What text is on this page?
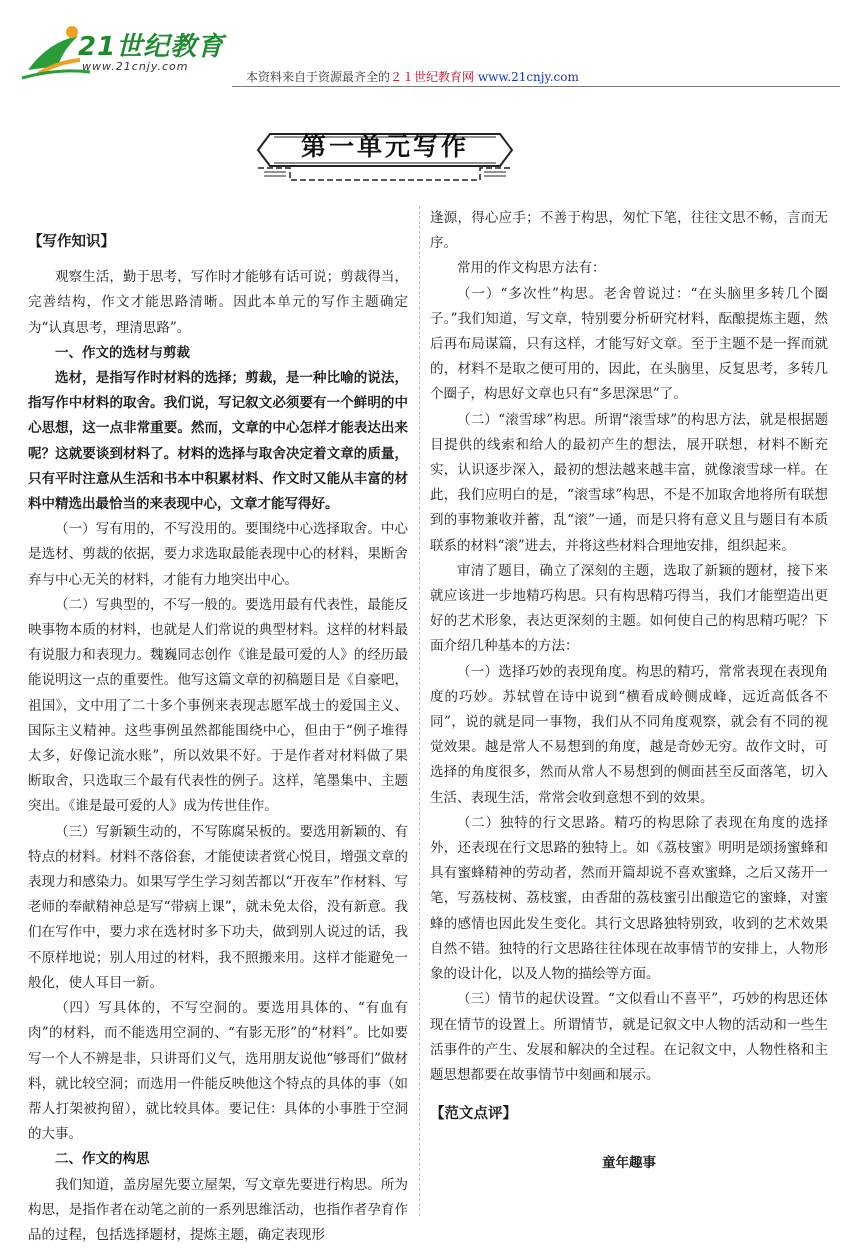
21世纪教育
www.21cnjy.com
本资料来自于资源最齐全的２１世纪教育网 www.21cnjy.com
第一单元写作

【写作知识】

观察生活，勤于思考，写作时才能够有话可说；剪裁得当，完善结构，作文才能思路清晰。因此本单元的写作主题确定为“认真思考，理清思路”。

一、作文的选材与剪裁

选材，是指写作时材料的选择；剪裁，是一种比喻的说法，指写作中材料的取舍。我们说，写记叙文必须要有一个鲜明的中心思想，这一点非常重要。然而，文章的中心怎样才能表达出来呢？这就要谈到材料了。材料的选择与取舍决定着文章的质量，只有平时注意从生活和书本中积累材料、作文时又能从丰富的材料中精选出最恰当的来表现中心，文章才能写得好。

（一）写有用的，不写没用的。要围绕中心选择取舍。中心是选材、剪裁的依据，要力求选取最能表现中心的材料，果断舍弃与中心无关的材料，才能有力地突出中心。

（二）写典型的，不写一般的。要选用最有代表性，最能反映事物本质的材料，也就是人们常说的典型材料。这样的材料最有说服力和表现力。魏巍同志创作《谁是最可爱的人》的经历最能说明这一点的重要性。他写这篇文章的初稿题目是《自豪吧，祖国》，文中用了二十多个事例来表现志愿军战士的爱国主义、国际主义精神。这些事例虽然都能围绕中心，但由于“例子堆得太多，好像记流水账”，所以效果不好。于是作者对材料做了果断取舍，只选取三个最有代表性的例子。这样，笔墨集中、主题突出。《谁是最可爱的人》成为传世佳作。

（三）写新颖生动的，不写陈腐呆板的。要选用新颖的、有特点的材料。材料不落俗套，才能使读者赏心悦目，增强文章的表现力和感染力。如果写学生学习刻苦都以“开夜车”作材料、写老师的奉献精神总是写“带病上课”，就未免太俗，没有新意。我们在写作中，要力求在选材时多下功夫，做到别人说过的话，我不原样地说；别人用过的材料，我不照搬来用。这样才能避免一般化，使人耳目一新。

（四）写具体的，不写空洞的。要选用具体的、“有血有肉”的材料，而不能选用空洞的、“有影无形”的“材料”。比如要写一个人不辨是非，只讲哥们义气，选用朋友说他“够哥们”做材料，就比较空洞；而选用一件能反映他这个特点的具体的事（如帮人打架被拘留），就比较具体。要记住：具体的小事胜于空洞的大事。

二、作文的构思

我们知道，盖房屋先要立屋架，写文章先要进行构思。所为构思，是指作者在动笔之前的一系列思维活动，也指作者孕育作品的过程，包括选择题材，提炼主题，确定表现形

逢源，得心应手；不善于构思，匆忙下笔，往往文思不畅，言而无序。

常用的作文构思方法有：

（一）“多次性”构思。老舍曾说过：“在头脑里多转几个圈子。”我们知道，写文章，特别要分析研究材料，酝酿提炼主题，然后再布局谋篇，只有这样，才能写好文章。至于主题不是一挥而就的，材料不是取之便可用的，因此，在头脑里，反复思考，多转几个圈子，构思好文章也只有“多思深思”了。

（二）“滚雪球”构思。所谓“滚雪球”的构思方法，就是根据题目提供的线索和给人的最初产生的想法，展开联想，材料不断充实，认识逐步深入，最初的想法越来越丰富，就像滚雪球一样。在此，我们应明白的是，“滚雪球”构思，不是不加取舍地将所有联想到的事物兼收并蓄，乱“滚”一通，而是只将有意义且与题目有本质联系的材料“滚”进去，并将这些材料合理地安排，组织起来。

审清了题目，确立了深刻的主题，选取了新颖的题材，接下来就应该进一步地精巧构思。只有构思精巧得当，我们才能塑造出更好的艺术形象，表达更深刻的主题。如何使自己的构思精巧呢？下面介绍几种基本的方法：

（一）选择巧妙的表现角度。构思的精巧，常常表现在表现角度的巧妙。苏轼曾在诗中说到“横看成岭侧成峰，远近高低各不同”，说的就是同一事物，我们从不同角度观察，就会有不同的视觉效果。越是常人不易想到的角度，越是奇妙无穷。故作文时，可选择的角度很多，然而从常人不易想到的侧面甚至反面落笔，切入生活、表现生活，常常会收到意想不到的效果。

（二）独特的行文思路。精巧的构思除了表现在角度的选择外，还表现在行文思路的独特上。如《荔枝蜜》明明是颂扬蜜蜂和具有蜜蜂精神的劳动者，然而开篇却说不喜欢蜜蜂，之后又荡开一笔，写荔枝树、荔枝蜜，由香甜的荔枝蜜引出酿造它的蜜蜂，对蜜蜂的感情也因此发生变化。其行文思路独特别致，收到的艺术效果自然不错。独特的行文思路往往体现在故事情节的安排上，人物形象的设计化，以及人物的描绘等方面。

（三）情节的起伏设置。“文似看山不喜平”，巧妙的构思还体现在情节的设置上。所谓情节，就是记叙文中人物的活动和一些生活事件的产生、发展和解决的全过程。在记叙文中，人物性格和主题思想都要在故事情节中刻画和展示。

【范文点评】

童年趣事
